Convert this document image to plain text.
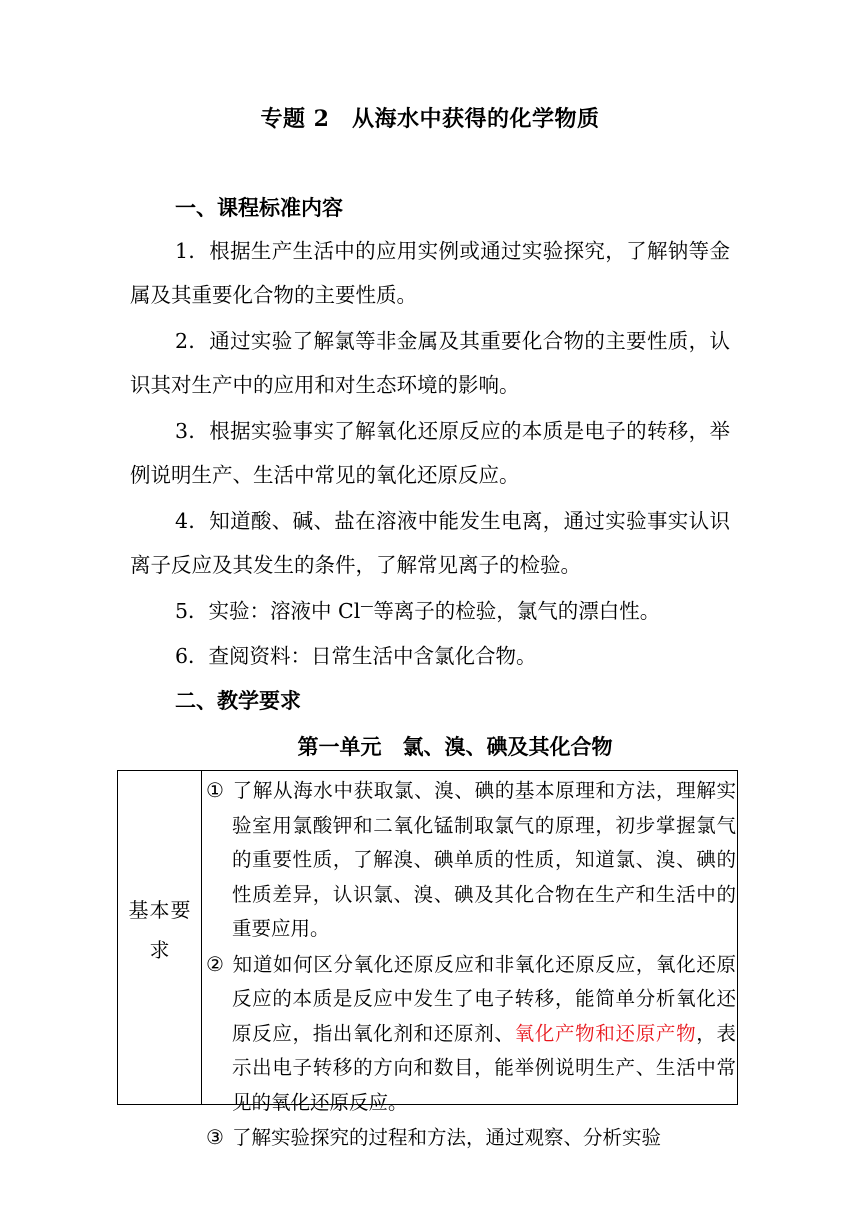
专题 2　从海水中获得的化学物质
一、课程标准内容

1．根据生产生活中的应用实例或通过实验探究，了解钠等金属及其重要化合物的主要性质。

2．通过实验了解氯等非金属及其重要化合物的主要性质，认识其对生产中的应用和对生态环境的影响。

3．根据实验事实了解氧化还原反应的本质是电子的转移，举例说明生产、生活中常见的氧化还原反应。

4．知道酸、碱、盐在溶液中能发生电离，通过实验事实认识离子反应及其发生的条件，了解常见离子的检验。

5．实验：溶液中 Cl—等离子的检验，氯气的漂白性。

6．查阅资料：日常生活中含氯化合物。

二、教学要求
第一单元　氯、溴、碘及其化合物
基本要求

① 了解从海水中获取氯、溴、碘的基本原理和方法，理解实验室用氯酸钾和二氧化锰制取氯气的原理，初步掌握氯气的重要性质，了解溴、碘单质的性质，知道氯、溴、碘的性质差异，认识氯、溴、碘及其化合物在生产和生活中的重要应用。

② 知道如何区分氧化还原反应和非氧化还原反应，氧化还原反应的本质是反应中发生了电子转移，能简单分析氧化还原反应，指出氧化剂和还原剂、氧化产物和还原产物，表示出电子转移的方向和数目，能举例说明生产、生活中常见的氧化还原反应。

③ 了解实验探究的过程和方法，通过观察、分析实验
